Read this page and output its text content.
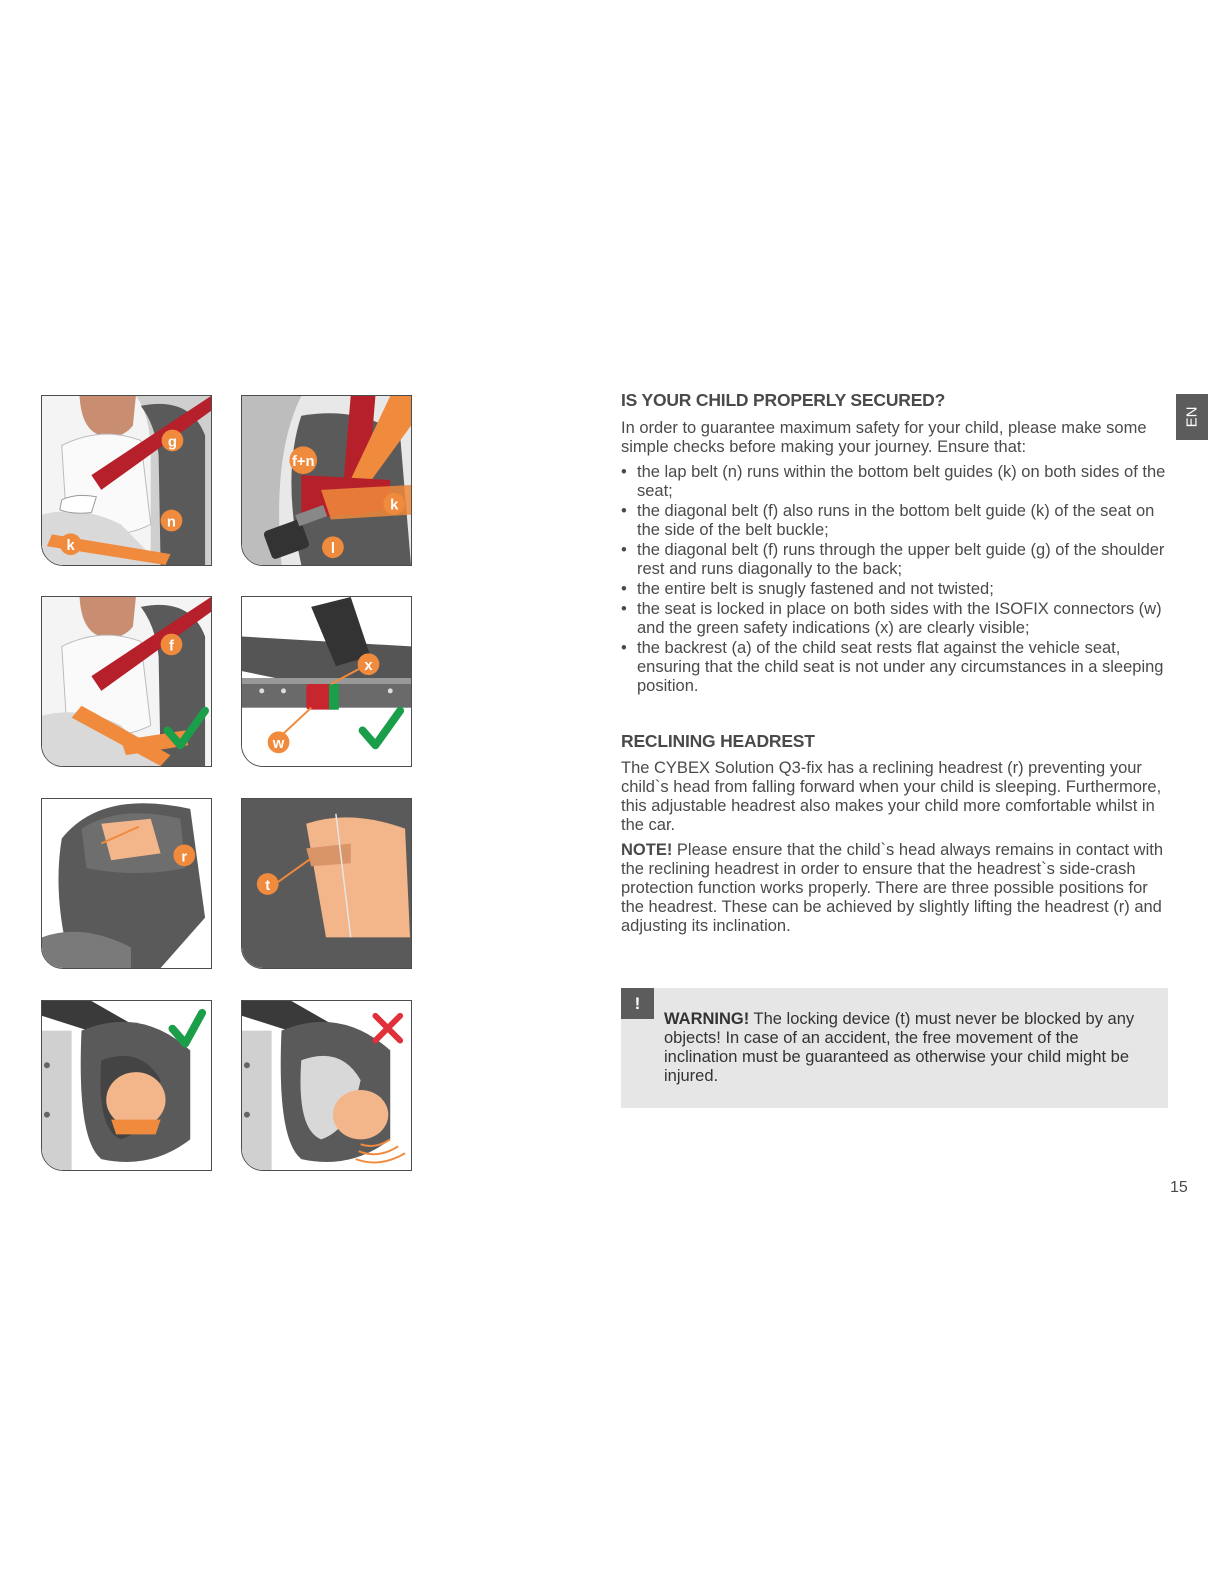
g
n
k
f+n
k
l
f
x
w
r
t
IS YOUR CHILD PROPERLY SECURED?

In order to guarantee maximum safety for your child, please make some simple checks before making your journey. Ensure that:

• the lap belt (n) runs within the bottom belt guides (k) on both sides of the seat;
• the diagonal belt (f) also runs in the bottom belt guide (k) of the seat on the side of the belt buckle;
• the diagonal belt (f) runs through the upper belt guide (g) of the shoulder rest and runs diagonally to the back;
• the entire belt is snugly fastened and not twisted;
• the seat is locked in place on both sides with the ISOFIX connectors (w) and the green safety indications (x) are clearly visible;
• the backrest (a) of the child seat rests flat against the vehicle seat, ensuring that the child seat is not under any circumstances in a sleeping position.
RECLINING HEADREST

The CYBEX Solution Q3-fix has a reclining headrest (r) preventing your child`s head from falling forward when your child is sleeping. Furthermore, this adjustable headrest also makes your child more comfortable whilst in the car.

NOTE! Please ensure that the child`s head always remains in contact with the reclining headrest in order to ensure that the headrest`s side-crash protection function works properly. There are three possible positions for the headrest. These can be achieved by slightly lifting the headrest (r) and adjusting its inclination.

!
WARNING! The locking device (t) must never be blocked by any objects! In case of an accident, the free movement of the inclination must be guaranteed as otherwise your child might be injured.
EN
15
